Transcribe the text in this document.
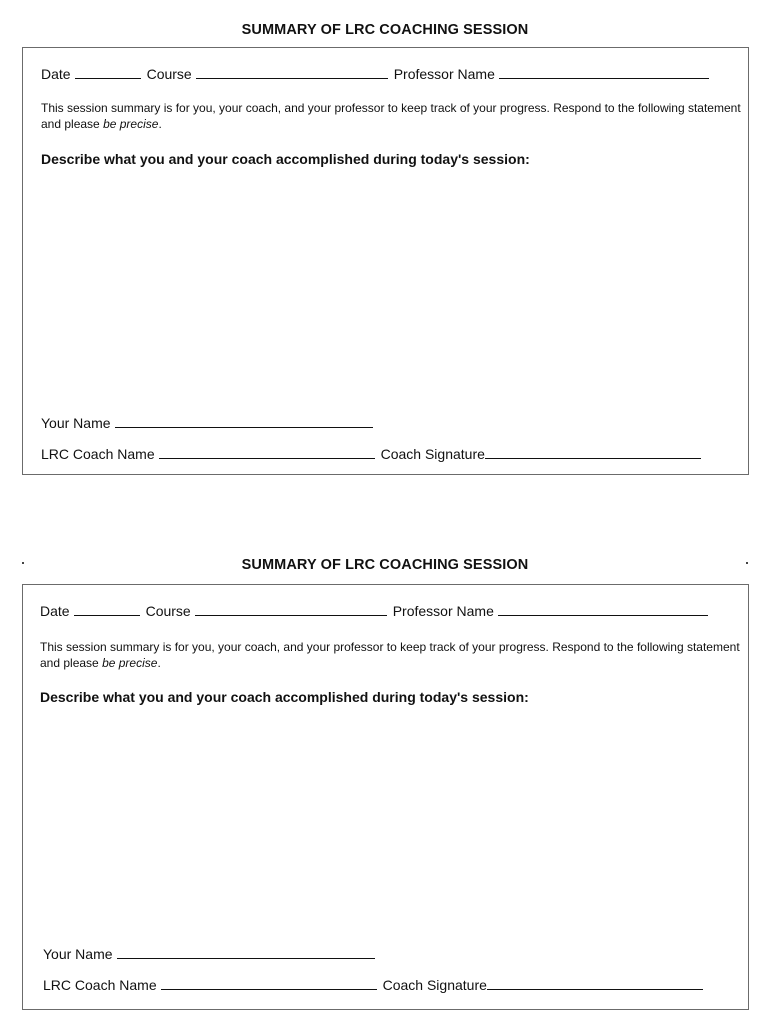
SUMMARY OF LRC COACHING SESSION
Date	Course	Professor Name
This session summary is for you, your coach, and your professor to keep track of your progress. Respond to the following statement and please be precise.
Describe what you and your coach accomplished during today's session:
Your Name
LRC Coach Name	Coach Signature
SUMMARY OF LRC COACHING SESSION
Date	Course	Professor Name
This session summary is for you, your coach, and your professor to keep track of your progress. Respond to the following statement and please be precise.
Describe what you and your coach accomplished during today's session:
Your Name
LRC Coach Name	Coach Signature
